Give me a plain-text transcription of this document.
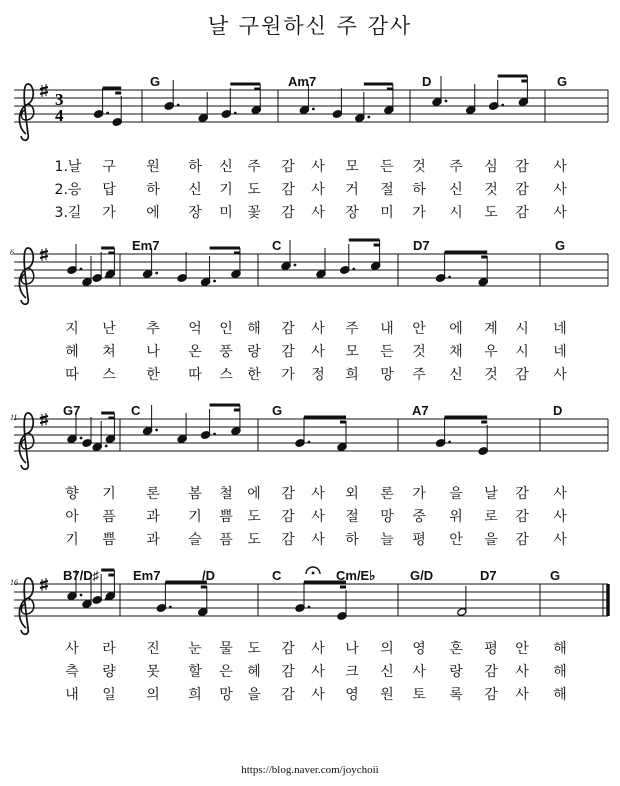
날 구원하신 주 감사
3
4
G	Am7	D	G
1.날 구 원 하 신 주 감 사 모 든 것 주 심 감 사
2.응 답 하 신 기 도 감 사 거 절 하 신 것 감 사
3.길 가 에 장 미 꽃 감 사 장 미 가 시 도 감 사
6	Em7	C	D7	G
지 난 추 억 인 해 감 사 주 내 안 에 계 시 네
헤 쳐 나 온 풍 랑 감 사 모 든 것 채 우 시 네
따 스 한 따 스 한 가 정 희 망 주 신 것 감 사
11	G7	C	G	A7	D
향 기 론 봄 철 에 감 사 외 론 가 을 날 감 사
아 픔 과 기 쁨 도 감 사 절 망 중 위 로 감 사
기 쁨 과 슬 픔 도 감 사 하 늘 평 안 을 감 사
16	B7/D♯	Em7	/D	C	Cm/E♭	G/D	D7	G
사 라 진 눈 물 도 감 사 나 의 영 혼 평 안 해
측 량 못 할 은 혜 감 사 크 신 사 랑 감 사 해
내 일 의 희 망 을 감 사 영 원 토 록 감 사 해
https://blog.naver.com/joychoii
